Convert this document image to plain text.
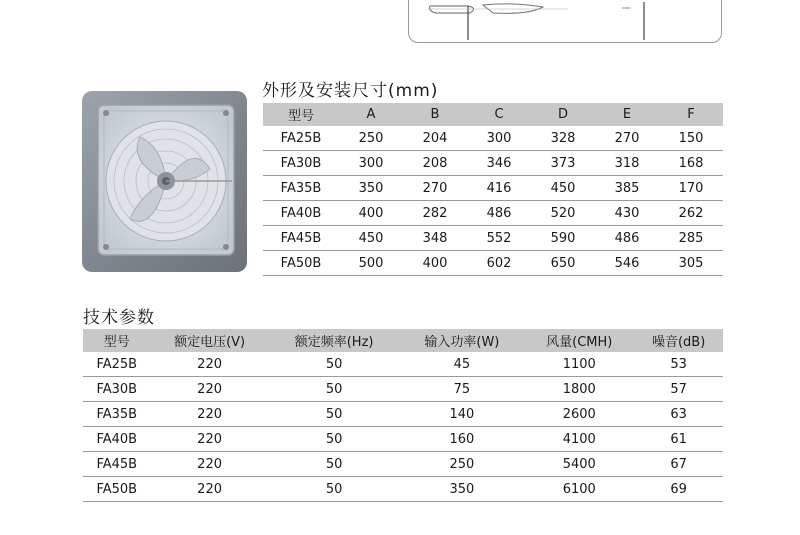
外形及安装尺寸(mm)
型号	A	B	C	D	E	F
FA25B	250	204	300	328	270	150
FA30B	300	208	346	373	318	168
FA35B	350	270	416	450	385	170
FA40B	400	282	486	520	430	262
FA45B	450	348	552	590	486	285
FA50B	500	400	602	650	546	305
技术参数
型号	额定电压(V)	额定频率(Hz)	输入功率(W)	风量(CMH)	噪音(dB)
FA25B	220	50	45	1100	53
FA30B	220	50	75	1800	57
FA35B	220	50	140	2600	63
FA40B	220	50	160	4100	61
FA45B	220	50	250	5400	67
FA50B	220	50	350	6100	69
